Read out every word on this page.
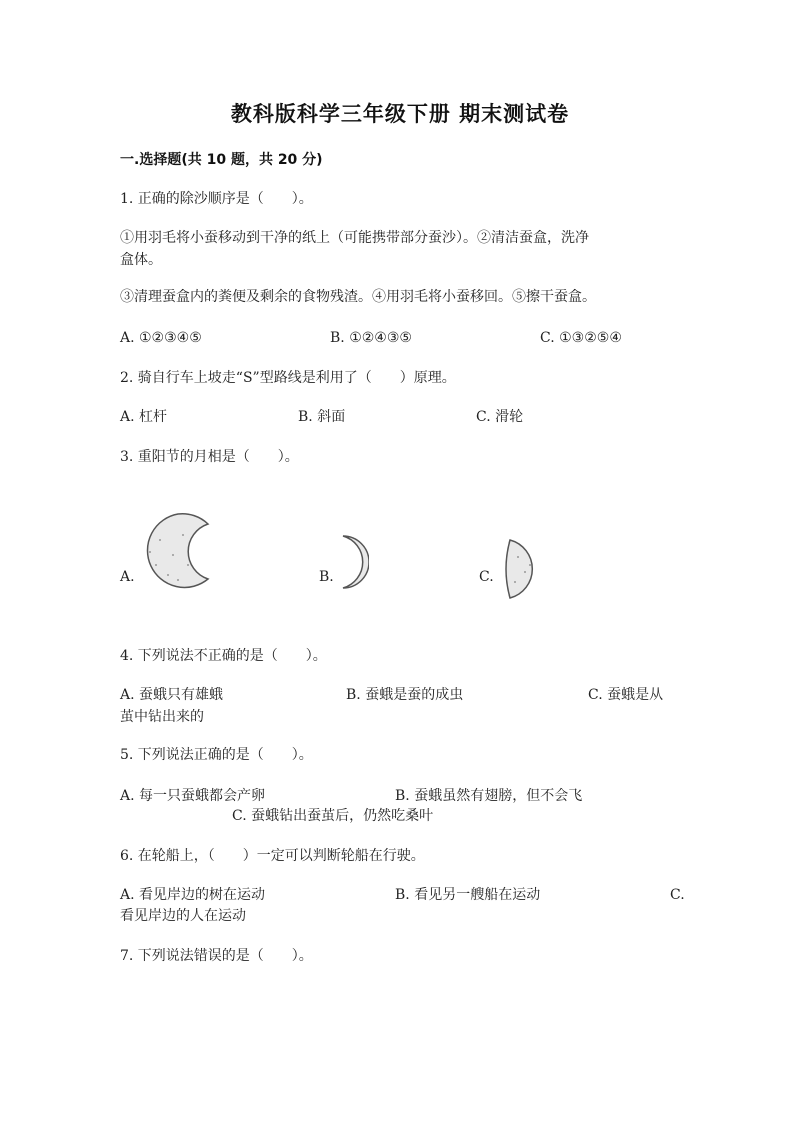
教科版科学三年级下册 期末测试卷
一.选择题(共 10 题，共 20 分)
1. 正确的除沙顺序是（　　）。
①用羽毛将小蚕移动到干净的纸上（可能携带部分蚕沙）。②清洁蚕盒，洗净
盒体。
③清理蚕盒内的粪便及剩余的食物残渣。④用羽毛将小蚕移回。⑤擦干蚕盒。
A. ①②③④⑤	B. ①②④③⑤	C. ①③②⑤④
2. 骑自行车上坡走“S”型路线是利用了（　　）原理。
A. 杠杆	B. 斜面	C. 滑轮
3. 重阳节的月相是（　　）。
A.	B.	C.
4. 下列说法不正确的是（　　）。
A. 蚕蛾只有雄蛾	B. 蚕蛾是蚕的成虫	C. 蚕蛾是从
茧中钻出来的
5. 下列说法正确的是（　　）。
A. 每一只蚕蛾都会产卵	B. 蚕蛾虽然有翅膀，但不会飞
C. 蚕蛾钻出蚕茧后，仍然吃桑叶
6. 在轮船上，（　　）一定可以判断轮船在行驶。
A. 看见岸边的树在运动	B. 看见另一艘船在运动	C.
看见岸边的人在运动
7. 下列说法错误的是（　　）。
